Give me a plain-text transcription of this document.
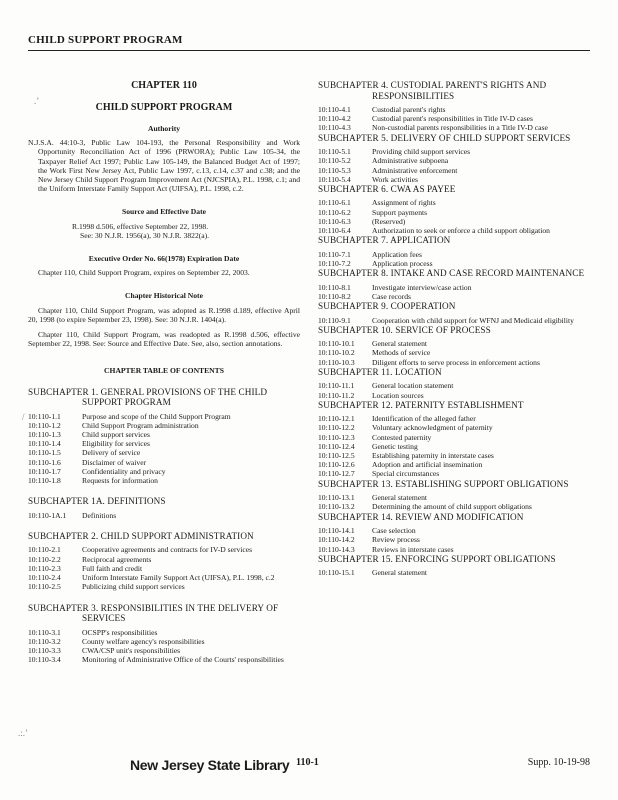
CHILD SUPPORT PROGRAM
CHAPTER 110
CHILD SUPPORT PROGRAM
Authority

N.J.S.A. 44:10-3, Public Law 104-193, the Personal Responsibility and Work Opportunity Reconciliation Act of 1996 (PRWORA); Public Law 105-34, the Taxpayer Relief Act 1997; Public Law 105-149, the Balanced Budget Act of 1997; the Work First New Jersey Act, Public Law 1997, c.13, c.14, c.37 and c.38; and the New Jersey Child Support Program Improvement Act (NJCSPIA), P.L. 1998, c.1; and the Uniform Interstate Family Support Act (UIFSA), P.L. 1998, c.2.

Source and Effective Date
R.1998 d.506, effective September 22, 1998.
See: 30 N.J.R. 1956(a), 30 N.J.R. 3822(a).
Executive Order No. 66(1978) Expiration Date

Chapter 110, Child Support Program, expires on September 22, 2003.

Chapter Historical Note

Chapter 110, Child Support Program, was adopted as R.1998 d.189, effective April 20, 1998 (to expire September 23, 1998). See: 30 N.J.R. 1404(a).

Chapter 110, Child Support Program, was readopted as R.1998 d.506, effective September 22, 1998. See: Source and Effective Date. See, also, section annotations.

CHAPTER TABLE OF CONTENTS
SUBCHAPTER 1. GENERAL PROVISIONS OF THE CHILD SUPPORT PROGRAM
10:110-1.1	Purpose and scope of the Child Support Program
10:110-1.2	Child Support Program administration
10:110-1.3	Child support services
10:110-1.4	Eligibility for services
10:110-1.5	Delivery of service
10:110-1.6	Disclaimer of waiver
10:110-1.7	Confidentiality and privacy
10:110-1.8	Requests for information
SUBCHAPTER 1A. DEFINITIONS
10:110-1A.1	Definitions
SUBCHAPTER 2. CHILD SUPPORT ADMINISTRATION
10:110-2.1	Cooperative agreements and contracts for IV-D services
10:110-2.2	Reciprocal agreements
10:110-2.3	Full faith and credit
10:110-2.4	Uniform Interstate Family Support Act (UIFSA), P.L. 1998, c.2
10:110-2.5	Publicizing child support services
SUBCHAPTER 3. RESPONSIBILITIES IN THE DELIVERY OF SERVICES
10:110-3.1	OCSPP's responsibilities
10:110-3.2	County welfare agency's responsibilities
10:110-3.3	CWA/CSP unit's responsibilities
10:110-3.4	Monitoring of Administrative Office of the Courts' responsibilities
SUBCHAPTER 4. CUSTODIAL PARENT'S RIGHTS AND RESPONSIBILITIES
10:110-4.1	Custodial parent's rights
10:110-4.2	Custodial parent's responsibilities in Title IV-D cases
10:110-4.3	Non-custodial parents responsibilities in a Title IV-D case
SUBCHAPTER 5. DELIVERY OF CHILD SUPPORT SERVICES
10:110-5.1	Providing child support services
10:110-5.2	Administrative subpoena
10:110-5.3	Administrative enforcement
10:110-5.4	Work activities
SUBCHAPTER 6. CWA AS PAYEE
10:110-6.1	Assignment of rights
10:110-6.2	Support payments
10:110-6.3	(Reserved)
10:110-6.4	Authorization to seek or enforce a child support obligation
SUBCHAPTER 7. APPLICATION
10:110-7.1	Application fees
10:110-7.2	Application process
SUBCHAPTER 8. INTAKE AND CASE RECORD MAINTENANCE
10:110-8.1	Investigate interview/case action
10:110-8.2	Case records
SUBCHAPTER 9. COOPERATION
10:110-9.1	Cooperation with child support for WFNJ and Medicaid eligibility
SUBCHAPTER 10. SERVICE OF PROCESS
10:110-10.1	General statement
10:110-10.2	Methods of service
10:110-10.3	Diligent efforts to serve process in enforcement actions
SUBCHAPTER 11. LOCATION
10:110-11.1	General location statement
10:110-11.2	Location sources
SUBCHAPTER 12. PATERNITY ESTABLISHMENT
10:110-12.1	Identification of the alleged father
10:110-12.2	Voluntary acknowledgment of paternity
10:110-12.3	Contested paternity
10:110-12.4	Genetic testing
10:110-12.5	Establishing paternity in interstate cases
10:110-12.6	Adoption and artificial insemination
10:110-12.7	Special circumstances
SUBCHAPTER 13. ESTABLISHING SUPPORT OBLIGATIONS
10:110-13.1	General statement
10:110-13.2	Determining the amount of child support obligations
SUBCHAPTER 14. REVIEW AND MODIFICATION
10:110-14.1	Case selection
10:110-14.2	Review process
10:110-14.3	Reviews in interstate cases
SUBCHAPTER 15. ENFORCING SUPPORT OBLIGATIONS
10:110-15.1	General statement
New Jersey State Library 110-1	Supp. 10-19-98
.’
/
.:.’
